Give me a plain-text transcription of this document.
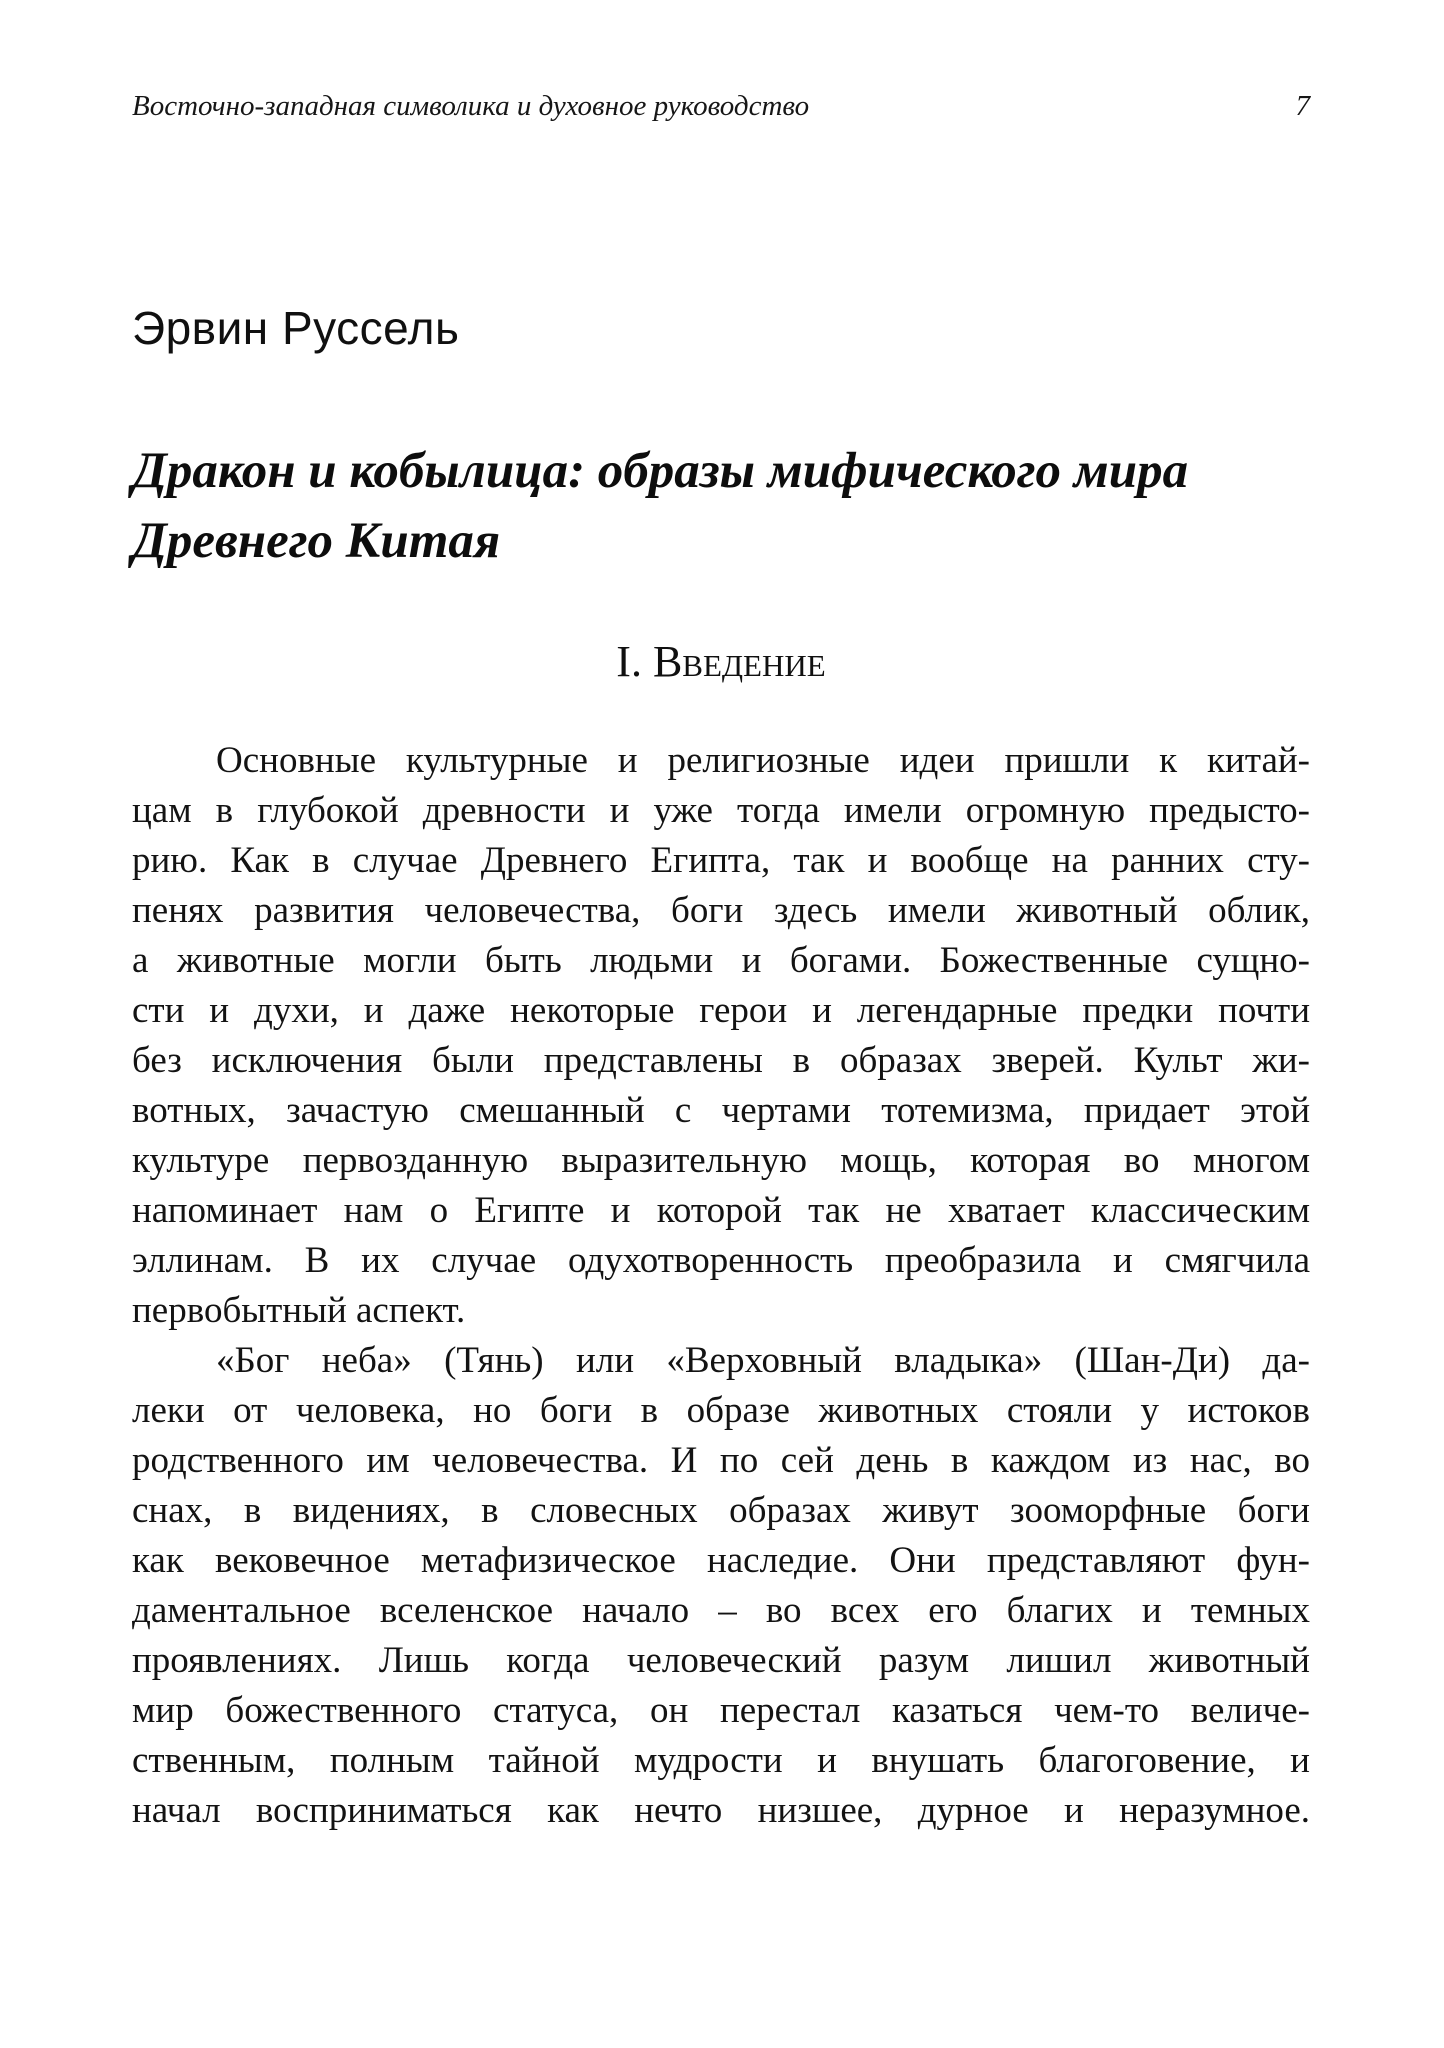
Восточно-западная символика и духовное руководство	7
Эрвин Руссель
Дракон и кобылица: образы мифического мира
Древнего Китая
I. Введение
Основные культурные и религиозные идеи пришли к китай-
цам в глубокой древности и уже тогда имели огромную предысто-
рию. Как в случае Древнего Египта, так и вообще на ранних сту-
пенях развития человечества, боги здесь имели животный облик,
а животные могли быть людьми и богами. Божественные сущно-
сти и духи, и даже некоторые герои и легендарные предки почти
без исключения были представлены в образах зверей. Культ жи-
вотных, зачастую смешанный с чертами тотемизма, придает этой
культуре первозданную выразительную мощь, которая во многом
напоминает нам о Египте и которой так не хватает классическим
эллинам. В их случае одухотворенность преобразила и смягчила
первобытный аспект.
«Бог неба» (Тянь) или «Верховный владыка» (Шан-Ди) да-
леки от человека, но боги в образе животных стояли у истоков
родственного им человечества. И по сей день в каждом из нас, во
снах, в видениях, в словесных образах живут зооморфные боги
как вековечное метафизическое наследие. Они представляют фун-
даментальное вселенское начало – во всех его благих и темных
проявлениях. Лишь когда человеческий разум лишил животный
мир божественного статуса, он перестал казаться чем-то величе-
ственным, полным тайной мудрости и внушать благоговение, и
начал восприниматься как нечто низшее, дурное и неразумное.
